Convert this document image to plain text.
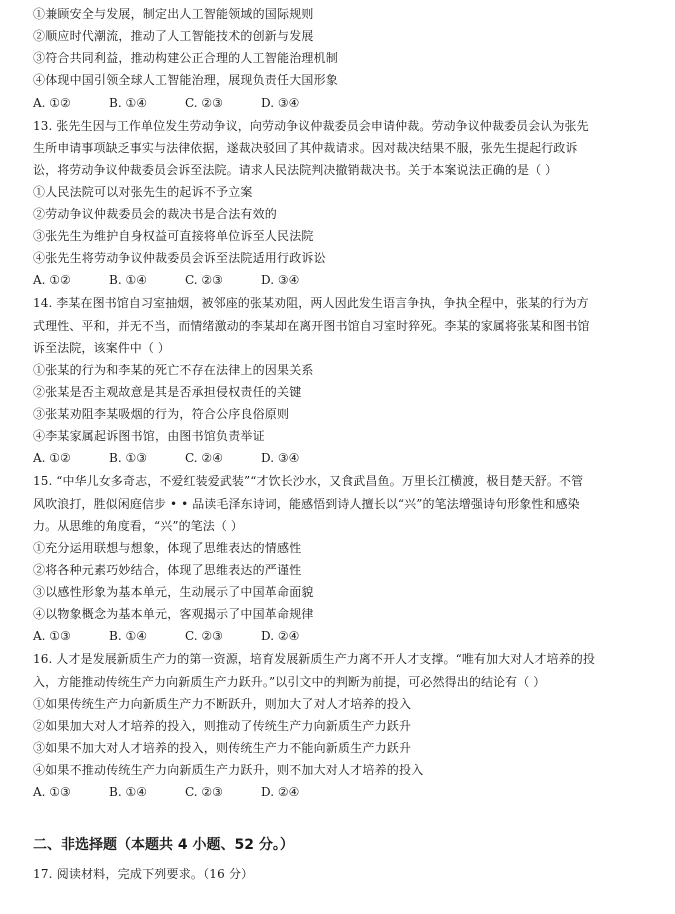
①兼顾安全与发展，制定出人工智能领域的国际规则
②顺应时代潮流，推动了人工智能技术的创新与发展
③符合共同利益，推动构建公正合理的人工智能治理机制
④体现中国引领全球人工智能治理，展现负责任大国形象
A. ①②	B. ①④	C. ②③	D. ③④
13. 张先生因与工作单位发生劳动争议，向劳动争议仲裁委员会申请仲裁。劳动争议仲裁委员会认为张先
生所申请事项缺乏事实与法律依据，遂裁决驳回了其仲裁请求。因对裁决结果不服，张先生提起行政诉
讼，将劳动争议仲裁委员会诉至法院。请求人民法院判决撤销裁决书。关于本案说法正确的是（ ）
①人民法院可以对张先生的起诉不予立案
②劳动争议仲裁委员会的裁决书是合法有效的
③张先生为维护自身权益可直接将单位诉至人民法院
④张先生将劳动争议仲裁委员会诉至法院适用行政诉讼
A. ①②	B. ①④	C. ②③	D. ③④
14. 李某在图书馆自习室抽烟，被邻座的张某劝阻，两人因此发生语言争执，争执全程中，张某的行为方
式理性、平和，并无不当，而情绪激动的李某却在离开图书馆自习室时猝死。李某的家属将张某和图书馆
诉至法院，该案件中（ ）
①张某的行为和李某的死亡不存在法律上的因果关系
②张某是否主观故意是其是否承担侵权责任的关键
③张某劝阻李某吸烟的行为，符合公序良俗原则
④李某家属起诉图书馆，由图书馆负责举证
A. ①②	B. ①③	C. ②④	D. ③④
15. “中华儿女多奇志，不爱红装爱武装”“才饮长沙水，又食武昌鱼。万里长江横渡，极目楚天舒。不管
风吹浪打，胜似闲庭信步 • • 品读毛泽东诗词，能感悟到诗人擅长以“兴”的笔法增强诗句形象性和感染
力。从思维的角度看，“兴”的笔法（ ）
①充分运用联想与想象，体现了思维表达的情感性
②将各种元素巧妙结合，体现了思维表达的严谨性
③以感性形象为基本单元，生动展示了中国革命面貌
④以物象概念为基本单元，客观揭示了中国革命规律
A. ①③	B. ①④	C. ②③	D. ②④
16. 人才是发展新质生产力的第一资源，培育发展新质生产力离不开人才支撑。“唯有加大对人才培养的投
入，方能推动传统生产力向新质生产力跃升。”以引文中的判断为前提，可必然得出的结论有（ ）
①如果传统生产力向新质生产力不断跃升，则加大了对人才培养的投入
②如果加大对人才培养的投入，则推动了传统生产力向新质生产力跃升
③如果不加大对人才培养的投入，则传统生产力不能向新质生产力跃升
④如果不推动传统生产力向新质生产力跃升，则不加大对人才培养的投入
A. ①③	B. ①④	C. ②③	D. ②④
二、非选择题（本题共 4 小题、52 分。）
17. 阅读材料，完成下列要求。（16 分）
